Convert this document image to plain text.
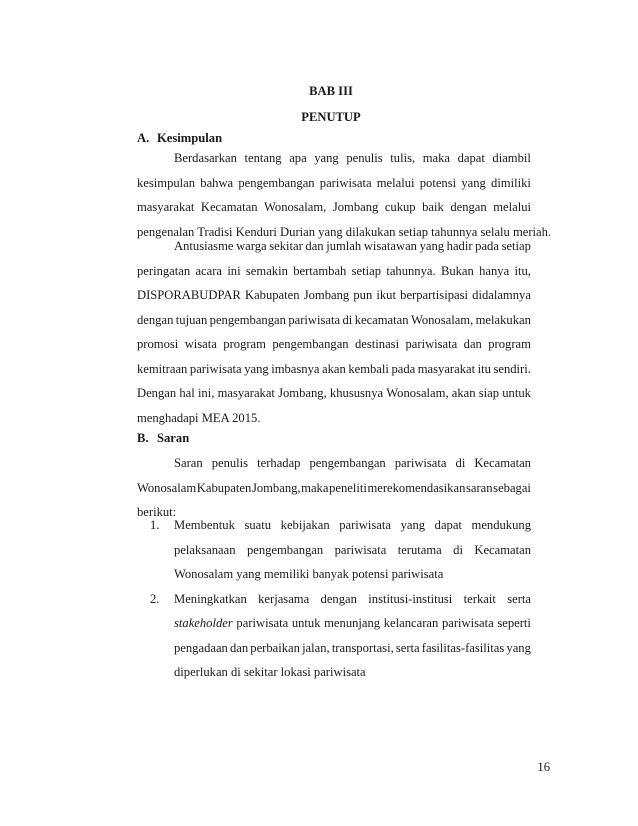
BAB III
PENUTUP
A. Kesimpulan
Berdasarkan tentang apa yang penulis tulis, maka dapat diambil
kesimpulan bahwa pengembangan pariwisata melalui potensi yang dimiliki
masyarakat Kecamatan Wonosalam, Jombang cukup baik dengan melalui
pengenalan Tradisi Kenduri Durian yang dilakukan setiap tahunnya selalu meriah.
Antusiasme warga sekitar dan jumlah wisatawan yang hadir pada setiap
peringatan acara ini semakin bertambah setiap tahunnya. Bukan hanya itu,
DISPORABUDPAR Kabupaten Jombang pun ikut berpartisipasi didalamnya
dengan tujuan pengembangan pariwisata di kecamatan Wonosalam, melakukan
promosi wisata program pengembangan destinasi pariwisata dan program
kemitraan pariwisata yang imbasnya akan kembali pada masyarakat itu sendiri.
Dengan hal ini, masyarakat Jombang, khususnya Wonosalam, akan siap untuk
menghadapi MEA 2015.
B. Saran
Saran penulis terhadap pengembangan pariwisata di Kecamatan
Wonosalam Kabupaten Jombang, maka peneliti merekomendasikan saran sebagai
berikut:
1. Membentuk suatu kebijakan pariwisata yang dapat mendukung
pelaksanaan pengembangan pariwisata terutama di Kecamatan
Wonosalam yang memiliki banyak potensi pariwisata
2. Meningkatkan kerjasama dengan institusi-institusi terkait serta
stakeholder pariwisata untuk menunjang kelancaran pariwisata seperti
pengadaan dan perbaikan jalan, transportasi, serta fasilitas-fasilitas yang
diperlukan di sekitar lokasi pariwisata
16
